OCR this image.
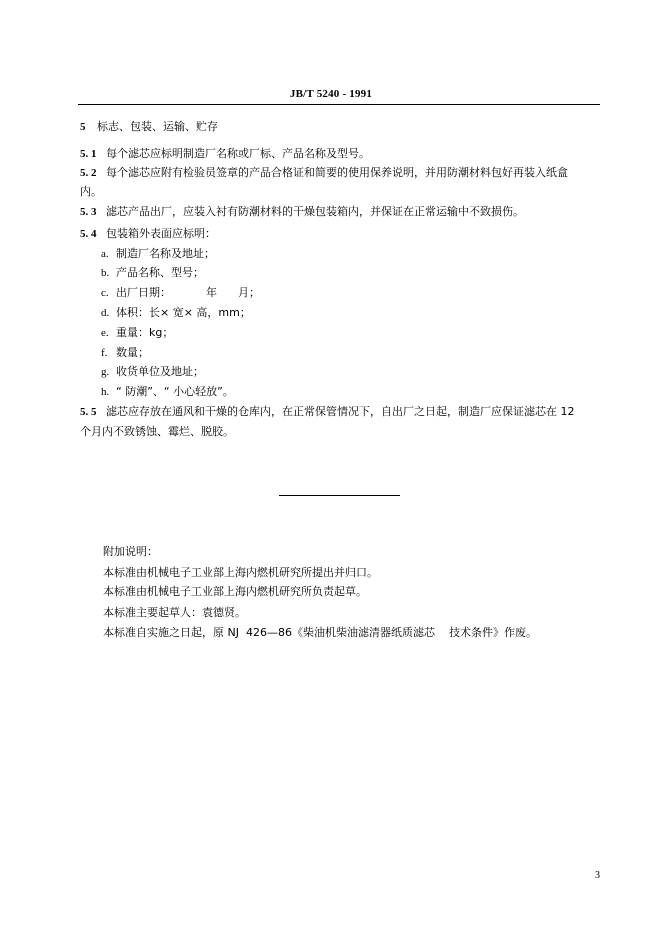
JB/T 5240 - 1991
5 标志、包装、运输、贮存
5. 1 每个滤芯应标明制造厂名称或厂标、产品名称及型号。
5. 2 每个滤芯应附有检验员签章的产品合格证和简要的使用保养说明，并用防潮材料包好再装入纸盒
内。
5. 3 滤芯产品出厂，应装入衬有防潮材料的干燥包装箱内，并保证在正常运输中不致损伤。
5. 4 包装箱外表面应标明：
a. 制造厂名称及地址；
b. 产品名称、型号；
c. 出厂日期：          年      月；
d. 体积：长× 宽× 高，mm；
e. 重量：kg；
f. 数量；
g. 收货单位及地址；
h. “ 防潮”、“ 小心轻放”。
5. 5 滤芯应存放在通风和干燥的仓库内，在正常保管情况下，自出厂之日起，制造厂应保证滤芯在 12
个月内不致锈蚀、霉烂、脱胶。
附加说明：
本标准由机械电子工业部上海内燃机研究所提出并归口。
本标准由机械电子工业部上海内燃机研究所负责起草。
本标准主要起草人：袁德贤。
本标准自实施之日起，原 NJ  426—86《柴油机柴油滤清器纸质滤芯    技术条件》作废。
3
